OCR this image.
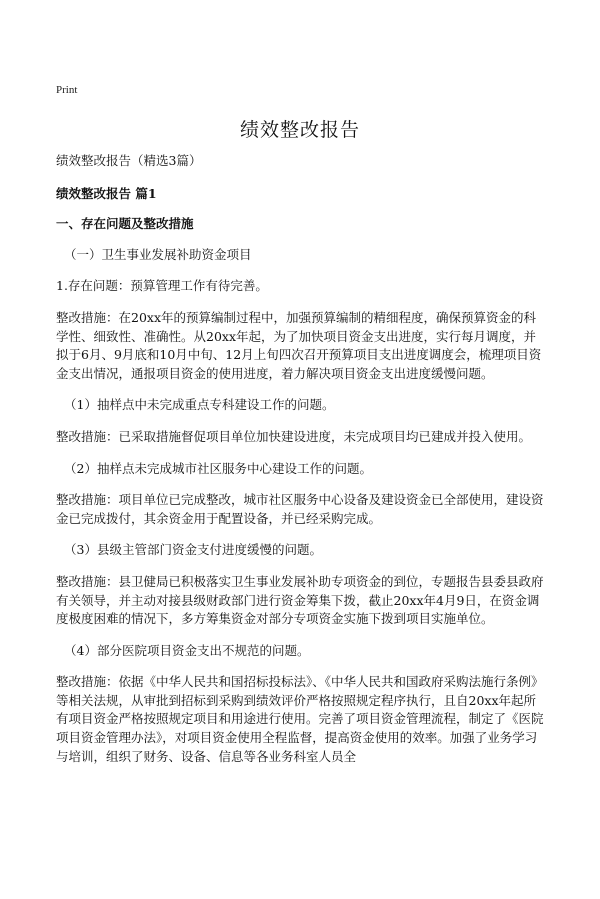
Print
绩效整改报告

绩效整改报告（精选3篇）

绩效整改报告 篇1

一、存在问题及整改措施

（一）卫生事业发展补助资金项目

1.存在问题：预算管理工作有待完善。

整改措施：在20xx年的预算编制过程中，加强预算编制的精细程度，确保预算资金的科学性、细致性、准确性。从20xx年起，为了加快项目资金支出进度，实行每月调度，并拟于6月、9月底和10月中旬、12月上旬四次召开预算项目支出进度调度会，梳理项目资金支出情况，通报项目资金的使用进度，着力解决项目资金支出进度缓慢问题。

（1）抽样点中未完成重点专科建设工作的问题。

整改措施：已采取措施督促项目单位加快建设进度，未完成项目均已建成并投入使用。

（2）抽样点未完成城市社区服务中心建设工作的问题。

整改措施：项目单位已完成整改，城市社区服务中心设备及建设资金已全部使用，建设资金已完成拨付，其余资金用于配置设备，并已经采购完成。

（3）县级主管部门资金支付进度缓慢的问题。

整改措施：县卫健局已积极落实卫生事业发展补助专项资金的到位，专题报告县委县政府有关领导，并主动对接县级财政部门进行资金筹集下拨，截止20xx年4月9日，在资金调度极度困难的情况下，多方筹集资金对部分专项资金实施下拨到项目实施单位。

（4）部分医院项目资金支出不规范的问题。

整改措施：依据《中华人民共和国招标投标法》、《中华人民共和国政府采购法施行条例》等相关法规，从审批到招标到采购到绩效评价严格按照规定程序执行，且自20xx年起所有项目资金严格按照规定项目和用途进行使用。完善了项目资金管理流程，制定了《医院项目资金管理办法》，对项目资金使用全程监督，提高资金使用的效率。加强了业务学习与培训，组织了财务、设备、信息等各业务科室人员全
